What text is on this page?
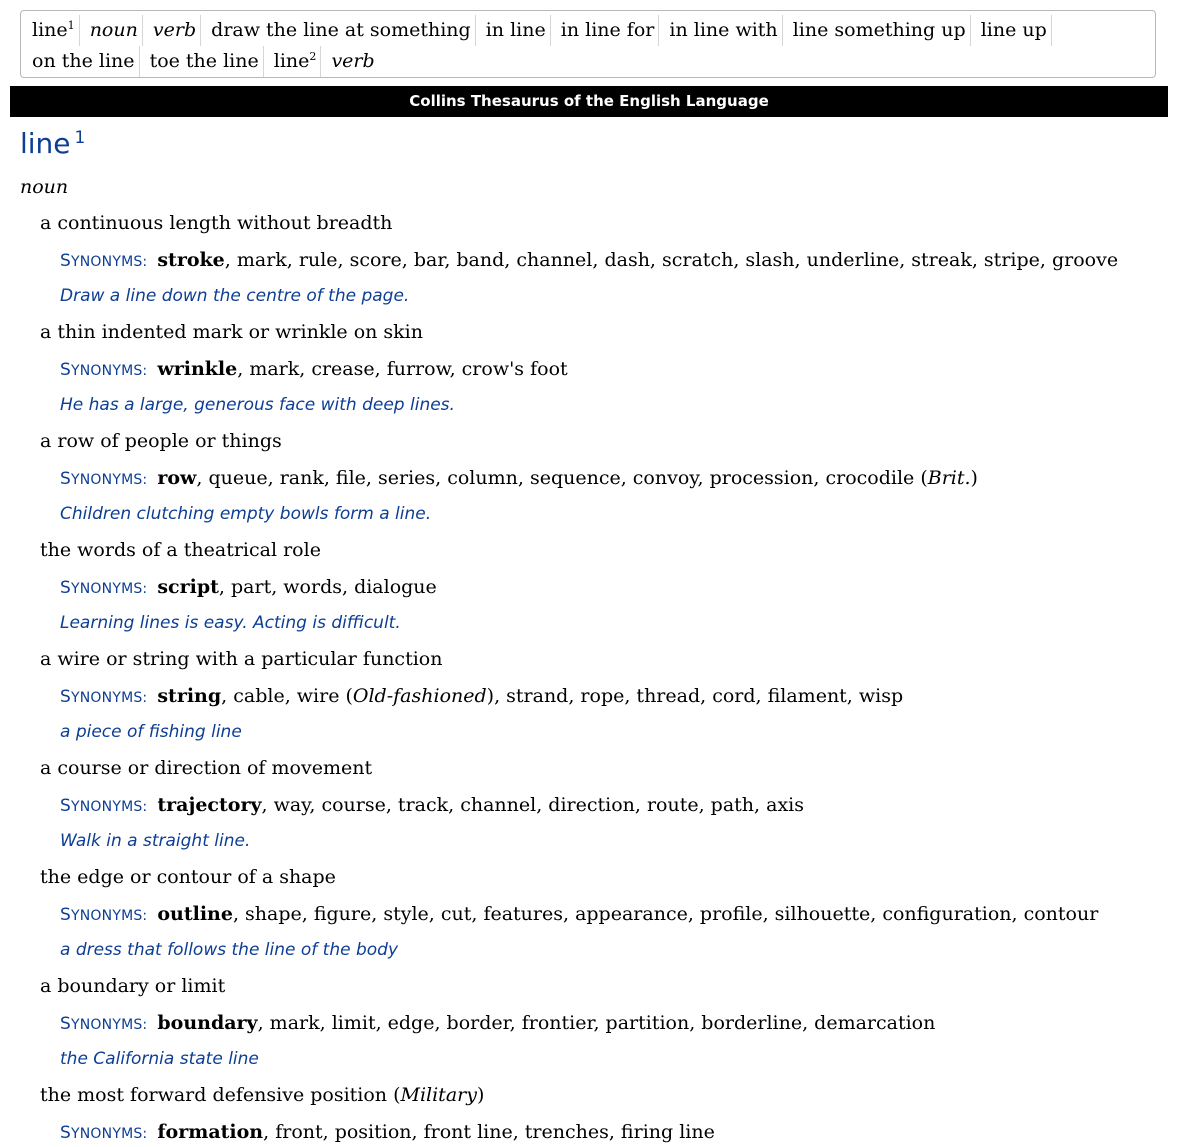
line$^1$ noun verb draw the line at something in line in line for in line with line something up line up on the line toe the line line$^2$ verb
Collins Thesaurus of the English Language
line $^1$
noun
a continuous length without breadth
SYNONYMS: stroke, mark, rule, score, bar, band, channel, dash, scratch, slash, underline, streak, stripe, groove
Draw a line down the centre of the page.
a thin indented mark or wrinkle on skin
SYNONYMS: wrinkle, mark, crease, furrow, crow's foot
He has a large, generous face with deep lines.
a row of people or things
SYNONYMS: row, queue, rank, file, series, column, sequence, convoy, procession, crocodile (Brit.)
Children clutching empty bowls form a line.
the words of a theatrical role
SYNONYMS: script, part, words, dialogue
Learning lines is easy. Acting is difficult.
a wire or string with a particular function
SYNONYMS: string, cable, wire (Old-fashioned), strand, rope, thread, cord, filament, wisp
a piece of fishing line
a course or direction of movement
SYNONYMS: trajectory, way, course, track, channel, direction, route, path, axis
Walk in a straight line.
the edge or contour of a shape
SYNONYMS: outline, shape, figure, style, cut, features, appearance, profile, silhouette, configuration, contour
a dress that follows the line of the body
a boundary or limit
SYNONYMS: boundary, mark, limit, edge, border, frontier, partition, borderline, demarcation
the California state line
the most forward defensive position (Military)
SYNONYMS: formation, front, position, front line, trenches, firing line
